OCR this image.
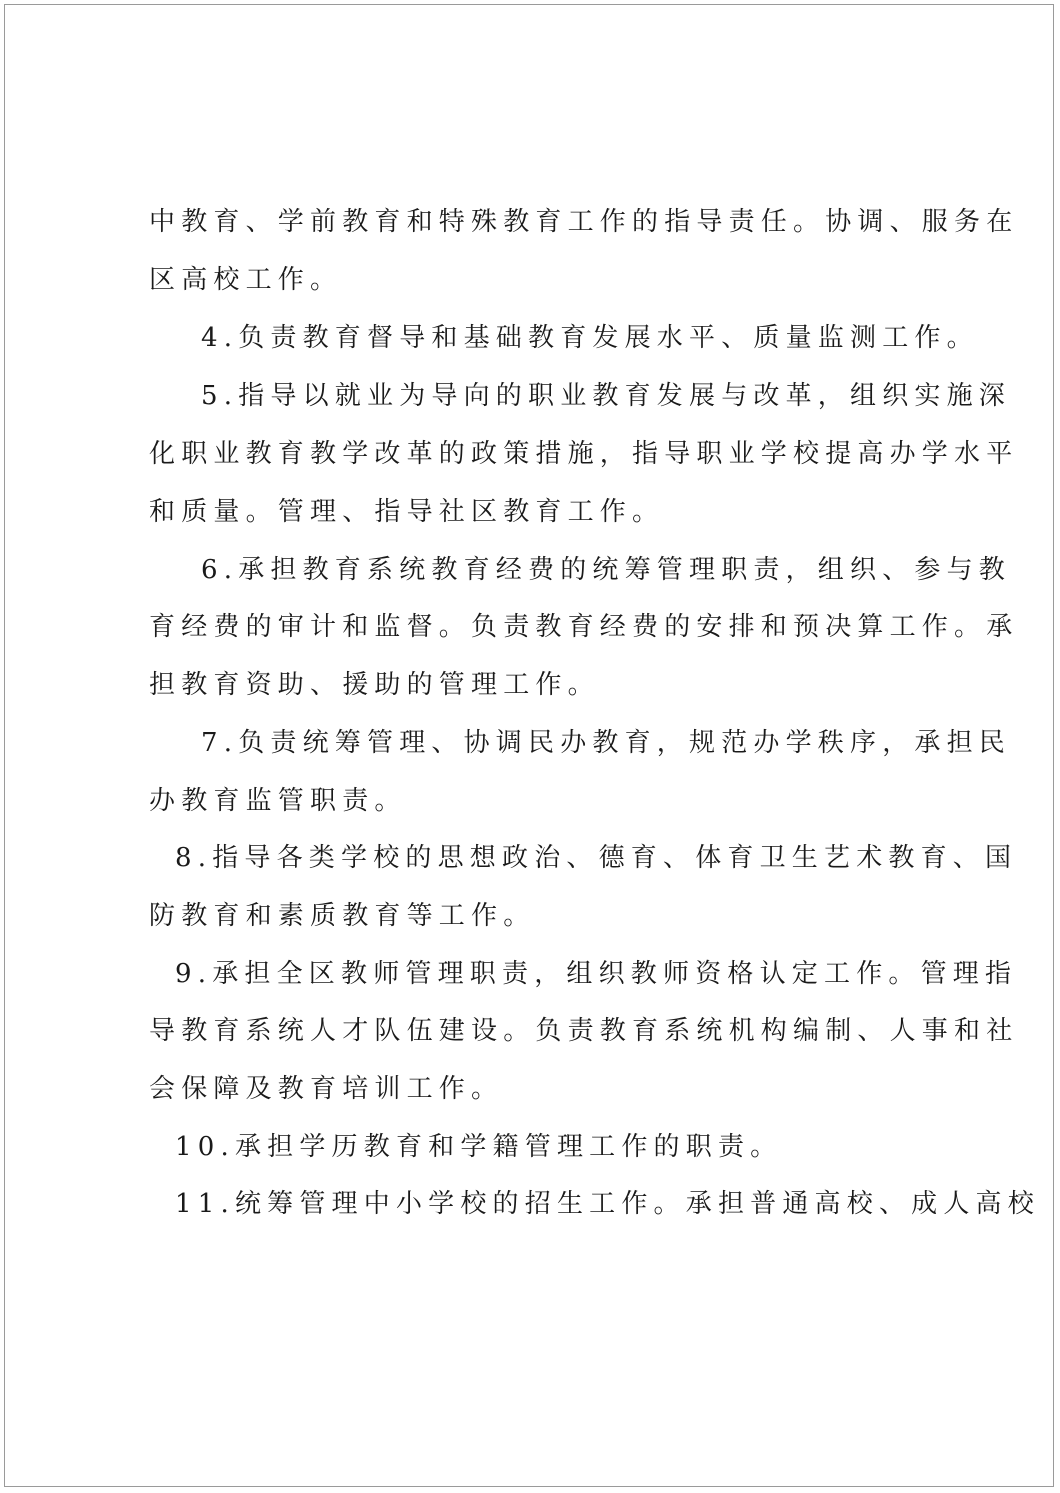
中教育、学前教育和特殊教育工作的指导责任。协调、服务在
区高校工作。
4.负责教育督导和基础教育发展水平、质量监测工作。
5.指导以就业为导向的职业教育发展与改革，组织实施深
化职业教育教学改革的政策措施，指导职业学校提高办学水平
和质量。管理、指导社区教育工作。
6.承担教育系统教育经费的统筹管理职责，组织、参与教
育经费的审计和监督。负责教育经费的安排和预决算工作。承
担教育资助、援助的管理工作。
7.负责统筹管理、协调民办教育，规范办学秩序，承担民
办教育监管职责。
8.指导各类学校的思想政治、德育、体育卫生艺术教育、国
防教育和素质教育等工作。
9.承担全区教师管理职责，组织教师资格认定工作。管理指
导教育系统人才队伍建设。负责教育系统机构编制、人事和社
会保障及教育培训工作。
10.承担学历教育和学籍管理工作的职责。
11.统筹管理中小学校的招生工作。承担普通高校、成人高校
